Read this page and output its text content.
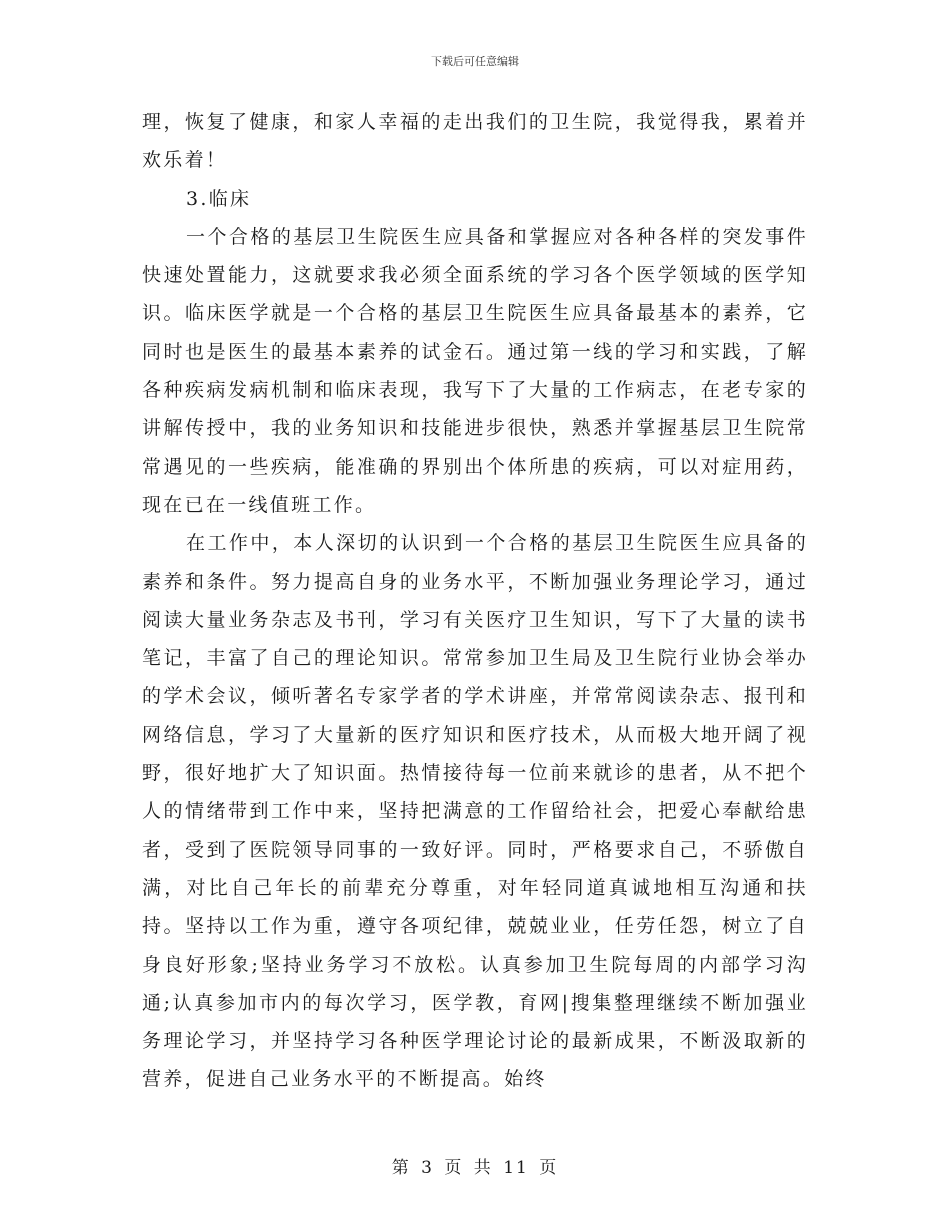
下载后可任意编辑

理，恢复了健康，和家人幸福的走出我们的卫生院，我觉得我，累着并欢乐着！

3.临床

一个合格的基层卫生院医生应具备和掌握应对各种各样的突发事件快速处置能力，这就要求我必须全面系统的学习各个医学领域的医学知识。临床医学就是一个合格的基层卫生院医生应具备最基本的素养，它同时也是医生的最基本素养的试金石。通过第一线的学习和实践，了解各种疾病发病机制和临床表现，我写下了大量的工作病志，在老专家的讲解传授中，我的业务知识和技能进步很快，熟悉并掌握基层卫生院常常遇见的一些疾病，能准确的界别出个体所患的疾病，可以对症用药，现在已在一线值班工作。

在工作中，本人深切的认识到一个合格的基层卫生院医生应具备的素养和条件。努力提高自身的业务水平，不断加强业务理论学习，通过阅读大量业务杂志及书刊，学习有关医疗卫生知识，写下了大量的读书笔记，丰富了自己的理论知识。常常参加卫生局及卫生院行业协会举办的学术会议，倾听著名专家学者的学术讲座，并常常阅读杂志、报刊和网络信息，学习了大量新的医疗知识和医疗技术，从而极大地开阔了视野，很好地扩大了知识面。热情接待每一位前来就诊的患者，从不把个人的情绪带到工作中来，坚持把满意的工作留给社会，把爱心奉献给患者，受到了医院领导同事的一致好评。同时，严格要求自己，不骄傲自满，对比自己年长的前辈充分尊重，对年轻同道真诚地相互沟通和扶持。坚持以工作为重，遵守各项纪律，兢兢业业，任劳任怨，树立了自身良好形象;坚持业务学习不放松。认真参加卫生院每周的内部学习沟通;认真参加市内的每次学习，医学教，育网|搜集整理继续不断加强业务理论学习，并坚持学习各种医学理论讨论的最新成果，不断汲取新的营养，促进自己业务水平的不断提高。始终

第 3 页 共 11 页
